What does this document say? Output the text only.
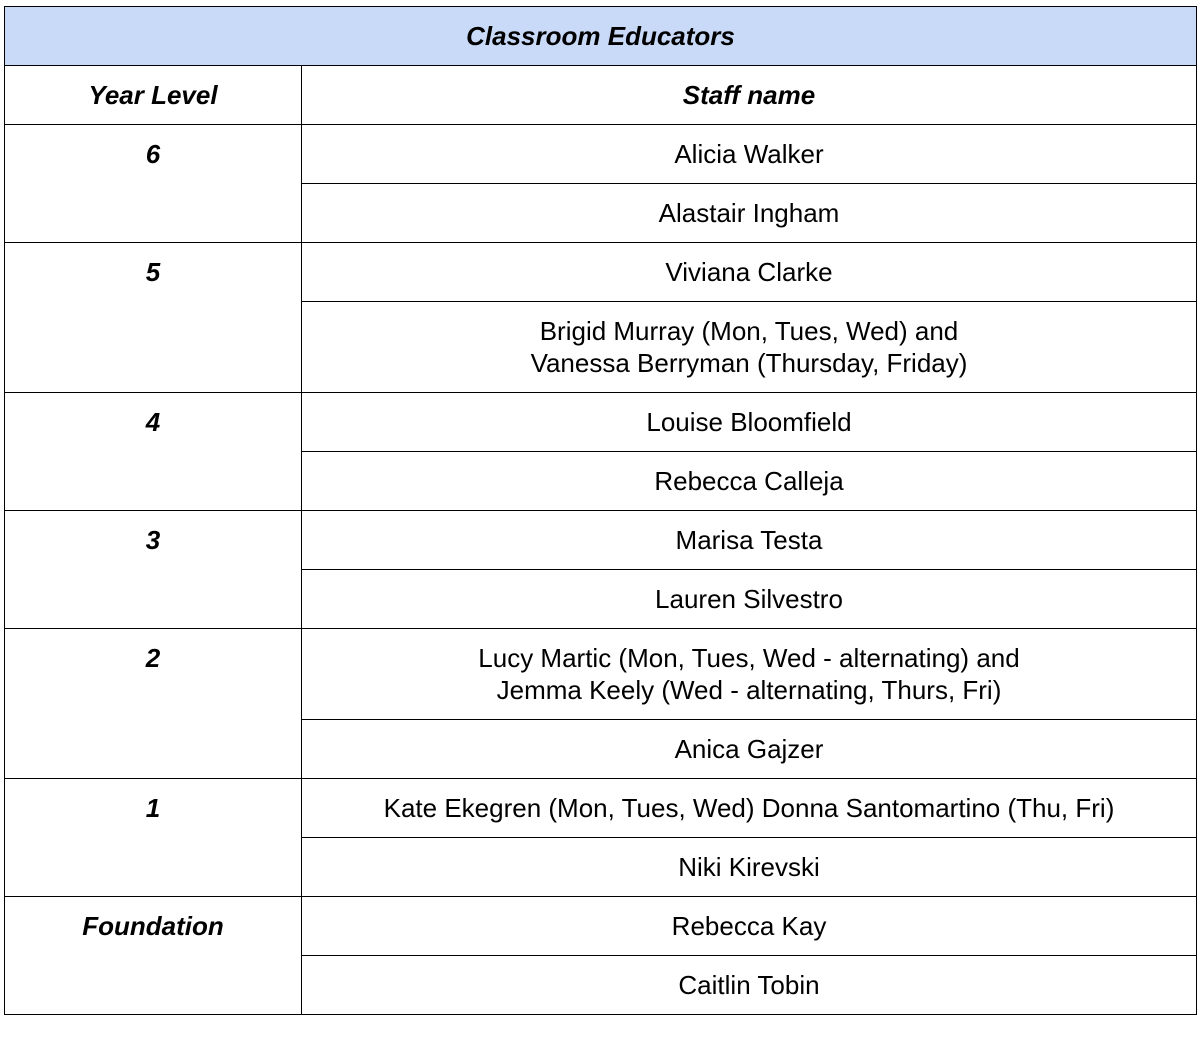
Classroom Educators	
Year Level	Staff name
6	Alicia Walker
	Alastair Ingham
5	Viviana Clarke
	Brigid Murray (Mon, Tues, Wed) and
Vanessa Berryman (Thursday, Friday)
4	Louise Bloomfield
	Rebecca Calleja
3	Marisa Testa
	Lauren Silvestro
2	Lucy Martic (Mon, Tues, Wed - alternating) and
Jemma Keely (Wed - alternating, Thurs, Fri)
	Anica Gajzer
1	Kate Ekegren (Mon, Tues, Wed) Donna Santomartino (Thu, Fri)
	Niki Kirevski
Foundation	Rebecca Kay
	Caitlin Tobin
